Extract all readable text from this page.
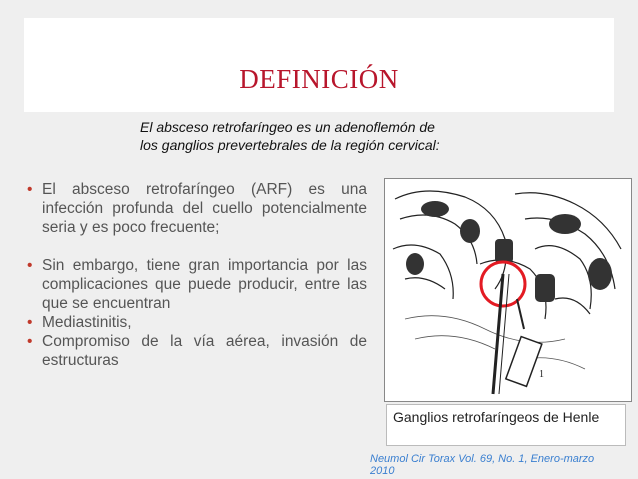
DEFINICIÓN
El absceso retrofaríngeo es un adenoflemón de
los ganglios prevertebrales de la región cervical:

• El absceso retrofaríngeo (ARF) es una infección profunda del cuello potencialmente seria y es poco frecuente;

• Sin embargo, tiene gran importancia por las complicaciones que puede producir, entre las que se encuentran

• Mediastinitis,

• Compromiso de la vía aérea, invasión de estructuras

1
Ganglios retrofaríngeos de Henle
Neumol Cir Torax Vol. 69, No. 1, Enero-marzo 2010
